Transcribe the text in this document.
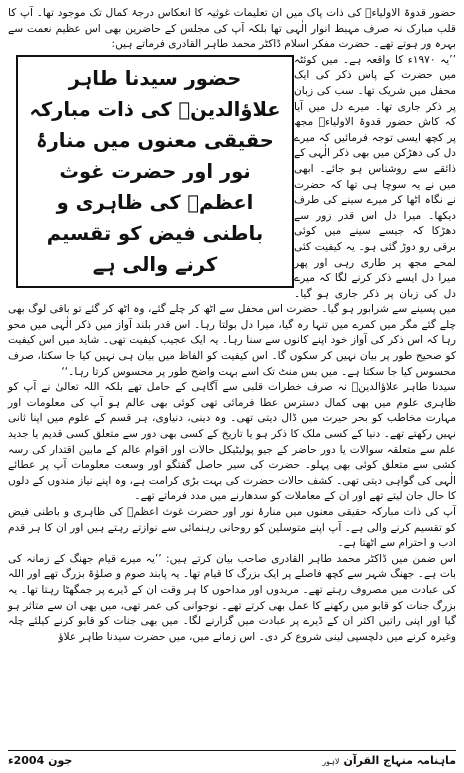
حضور قدوۃ الاولیاءؒ کی ذات پاک میں ان تعلیمات غوثیہ کا انعکاس درجۂ کمال تک موجود تھا۔ آپ کا قلب مبارک نہ صرف مہبط انوار الٰہی تھا بلکہ آپ کی مجلس کے حاضرین بھی اس عظیم نعمت سے بہرہ ور ہوتے تھے۔ حضرت مفکر اسلام ڈاکٹر محمد طاہر القادری فرماتے ہیں:

حضور سیدنا طاہر علاؤالدینؒ کی ذات مبارکہ حقیقی معنوں میں منارۂ نور اور حضرت غوث اعظمؓ کی ظاہری و باطنی فیض کو تقسیم کرنے والی ہے

’’یہ ۱۹۷۰ء کا واقعہ ہے۔ میں کوئٹہ میں حضرت کے پاس ذکر کی ایک محفل میں شریک تھا۔ سب کی زبان پر ذکر جاری تھا۔ میرے دل میں آیا کہ کاش حضور قدوۃ الاولیاءؒ مجھ پر کچھ ایسی توجہ فرمائیں کہ میرے دل کی دھڑکن میں بھی ذکر الٰہی کے ذائقے سے روشناس ہو جائے۔ ابھی میں نے یہ سوچا ہی تھا کہ حضرت نے نگاہ اٹھا کر میرے سینے کی طرف دیکھا۔ میرا دل اس قدر زور سے دھڑکا کہ جیسے سینے میں کوئی برقی رو دوڑ گئی ہو۔ یہ کیفیت کئی لمحے مجھ پر طاری رہی اور پھر میرا دل ایسے ذکر کرنے لگا کہ میرے دل کی زبان پر ذکر جاری ہو گیا۔ میں پسینے سے شرابور ہو گیا۔ حضرت اس محفل سے اٹھ کر چلے گئے، وہ اٹھ کر گئے تو باقی لوگ بھی چلے گئے مگر میں کمرے میں تنہا رہ گیا، میرا دل بولتا رہا۔ اس قدر بلند آواز میں ذکر الٰہی میں محو رہا کہ اس ذکر کی آواز خود اپنے کانوں سے سنا رہا۔ یہ ایک عجیب کیفیت تھی۔ شاید میں اس کیفیت کو صحیح طور پر بیان نہیں کر سکوں گا۔ اس کیفیت کو الفاظ میں بیان ہی نہیں کیا جا سکتا، صرف محسوس کیا جا سکتا ہے۔ میں بس منٹ تک اسے بہت واضح طور پر محسوس کرتا رہا۔‘‘

سیدنا طاہر علاؤالدینؒ نہ صرف خطرات قلبی سے آگاہی کے حامل تھے بلکہ اللہ تعالیٰ نے آپ کو ظاہری علوم میں بھی کمال دسترس عطا فرمائی تھی کوئی بھی عالم ہو آپ کی معلومات اور مہارت مخاطب کو بحر حیرت میں ڈال دیتی تھی۔ وہ دینی، دنیاوی، ہر قسم کے علوم میں اپنا ثانی نہیں رکھتے تھے۔ دنیا کے کسی ملک کا ذکر ہو یا تاریخ کے کسی بھی دور سے متعلق کسی قدیم یا جدید علم سے متعلقہ سوالات یا دور حاضر کے جیو پولیٹیکل حالات اور اقوام عالم کے مابین اقتدار کی رسہ کشی سے متعلق کوئی بھی پہلو۔ حضرت کی سیر حاصل گفتگو اور وسعت معلومات آپ پر عطائے الٰہی کی گواہی دیتی تھی۔ کشف حالات حضرت کی بہت بڑی کرامت ہے، وہ اپنے نیاز مندوں کے دلوں کا حال جان لیتے تھے اور ان کے معاملات کو سدھارنے میں مدد فرماتے تھے۔

آپ کی ذات مبارکہ حقیقی معنوں میں منارۂ نور اور حضرت غوث اعظمؓ کی ظاہری و باطنی فیض کو تقسیم کرنے والی ہے۔ آپ اپنے متوسلین کو روحانی رہنمائی سے نوازتے رہتے ہیں اور ان کا ہر قدم ادب و احترام سے اٹھتا ہے۔

اس ضمن میں ڈاکٹر محمد طاہر القادری صاحب بیان کرتے ہیں: ’’یہ میرے قیام جھنگ کے زمانہ کی بات ہے۔ جھنگ شہر سے کچھ فاصلے پر ایک بزرگ کا قیام تھا۔ یہ پابند صوم و صلوٰۃ بزرگ تھے اور اللہ کی عبادت میں مصروف رہتے تھے۔ مریدوں اور مداحوں کا ہر وقت ان کے ڈیرے پر جمگھٹا رہتا تھا۔ یہ بزرگ جنات کو قابو میں رکھنے کا عمل بھی کرتے تھے۔ نوجوانی کی عمر تھی، میں بھی ان سے متاثر ہو گیا اور اپنی راتیں اکثر ان کے ڈیرے پر عبادت میں گزارنے لگا۔ میں بھی جنات کو قابو کرنے کیلئے چلہ وغیرہ کرنے میں دلچسپی لینی شروع کر دی۔ اس زمانے میں، میں حضرت سیدنا طاہر علاؤ

ماہنامہ منہاج القرآن
لاہور
جون 2004ء
